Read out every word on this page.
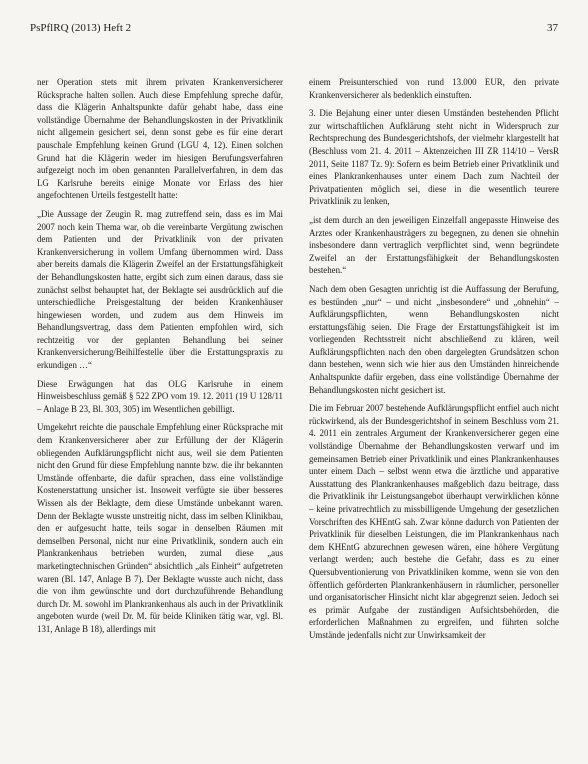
PsPflRQ (2013) Heft 2	37

ner Operation stets mit ihrem privaten Krankenversicherer Rücksprache halten sollen. Auch diese Empfehlung spreche dafür, dass die Klägerin Anhaltspunkte dafür gehabt habe, dass eine vollständige Übernahme der Behandlungskosten in der Privatklinik nicht allgemein gesichert sei, denn sonst gebe es für eine derart pauschale Empfehlung keinen Grund (LGU 4, 12). Einen solchen Grund hat die Klägerin weder im hiesigen Berufungsverfahren aufgezeigt noch im oben genannten Parallelverfahren, in dem das LG Karlsruhe bereits einige Monate vor Erlass des hier angefochtenen Urteils festgestellt hatte:

„Die Aussage der Zeugin R. mag zutreffend sein, dass es im Mai 2007 noch kein Thema war, ob die vereinbarte Vergütung zwischen dem Patienten und der Privatklinik von der privaten Krankenversicherung in vollem Umfang übernommen wird. Dass aber bereits damals die Klägerin Zweifel an der Erstattungsfähigkeit der Behandlungskosten hatte, ergibt sich zum einen daraus, dass sie zunächst selbst behauptet hat, der Beklagte sei ausdrücklich auf die unterschiedliche Preisgestaltung der beiden Krankenhäuser hingewiesen worden, und zudem aus dem Hinweis im Behandlungsvertrag, dass dem Patienten empfohlen wird, sich rechtzeitig vor der geplanten Behandlung bei seiner Krankenversicherung/Beihilfestelle über die Erstattungspraxis zu erkundigen …“

Diese Erwägungen hat das OLG Karlsruhe in einem Hinweisbeschluss gemäß § 522 ZPO vom 19. 12. 2011 (19 U 128/11 – Anlage B 23, Bl. 303, 305) im Wesentlichen gebilligt.

Umgekehrt reichte die pauschale Empfehlung einer Rücksprache mit dem Krankenversicherer aber zur Erfüllung der der Klägerin obliegenden Aufklärungspflicht nicht aus, weil sie dem Patienten nicht den Grund für diese Empfehlung nannte bzw. die ihr bekannten Umstände offenbarte, die dafür sprachen, dass eine vollständige Kostenerstattung unsicher ist. Insoweit verfügte sie über besseres Wissen als der Beklagte, dem diese Umstände unbekannt waren. Denn der Beklagte wusste unstreitig nicht, dass im selben Klinikbau, den er aufgesucht hatte, teils sogar in denselben Räumen mit demselben Personal, nicht nur eine Privatklinik, sondern auch ein Plankrankenhaus betrieben wurden, zumal diese „aus marketingtechnischen Gründen“ absichtlich „als Einheit“ aufgetreten waren (Bl. 147, Anlage B 7). Der Beklagte wusste auch nicht, dass die von ihm gewünschte und dort durchzuführende Behandlung durch Dr. M. sowohl im Plankrankenhaus als auch in der Privatklinik angeboten wurde (weil Dr. M. für beide Kliniken tätig war, vgl. Bl. 131, Anlage B 18), allerdings mit

einem Preisunterschied von rund 13.000 EUR, den private Krankenversicherer als bedenklich einstuften.

3. Die Bejahung einer unter diesen Umständen bestehenden Pflicht zur wirtschaftlichen Aufklärung steht nicht in Widerspruch zur Rechtsprechung des Bundesgerichtshofs, der vielmehr klargestellt hat (Beschluss vom 21. 4. 2011 – Aktenzeichen III ZR 114/10 – VersR 2011, Seite 1187 Tz. 9): Sofern es beim Betrieb einer Privatklinik und eines Plankrankenhauses unter einem Dach zum Nachteil der Privatpatienten möglich sei, diese in die wesentlich teurere Privatklinik zu lenken,

„ist dem durch an den jeweiligen Einzelfall angepasste Hinweise des Arztes oder Krankenhausträgers zu begegnen, zu denen sie ohnehin insbesondere dann vertraglich verpflichtet sind, wenn begründete Zweifel an der Erstattungsfähigkeit der Behandlungskosten bestehen.“

Nach dem oben Gesagten unrichtig ist die Auffassung der Berufung, es bestünden „nur“ – und nicht „insbesondere“ und „ohnehin“ – Aufklärungspflichten, wenn Behandlungskosten nicht erstattungsfähig seien. Die Frage der Erstattungsfähigkeit ist im vorliegenden Rechtsstreit nicht abschließend zu klären, weil Aufklärungspflichten nach den oben dargelegten Grundsätzen schon dann bestehen, wenn sich wie hier aus den Umständen hinreichende Anhaltspunkte dafür ergeben, dass eine vollständige Übernahme der Behandlungskosten nicht gesichert ist.

Die im Februar 2007 bestehende Aufklärungspflicht entfiel auch nicht rückwirkend, als der Bundesgerichtshof in seinem Beschluss vom 21. 4. 2011 ein zentrales Argument der Krankenversicherer gegen eine vollständige Übernahme der Behandlungskosten verwarf und im gemeinsamen Betrieb einer Privatklinik und eines Plankrankenhauses unter einem Dach – selbst wenn etwa die ärztliche und apparative Ausstattung des Plankrankenhauses maßgeblich dazu beitrage, dass die Privatklinik ihr Leistungsangebot überhaupt verwirklichen könne – keine privatrechtlich zu missbilligende Umgehung der gesetzlichen Vorschriften des KHEntG sah. Zwar könne dadurch von Patienten der Privatklinik für dieselben Leistungen, die im Plankrankenhaus nach dem KHEntG abzurechnen gewesen wären, eine höhere Vergütung verlangt werden; auch bestehe die Gefahr, dass es zu einer Quersubventionierung von Privatkliniken komme, wenn sie von den öffentlich geförderten Plankrankenhäusern in räumlicher, personeller und organisatorischer Hinsicht nicht klar abgegrenzt seien. Jedoch sei es primär Aufgabe der zuständigen Aufsichtsbehörden, die erforderlichen Maßnahmen zu ergreifen, und führten solche Umstände jedenfalls nicht zur Unwirksamkeit der
